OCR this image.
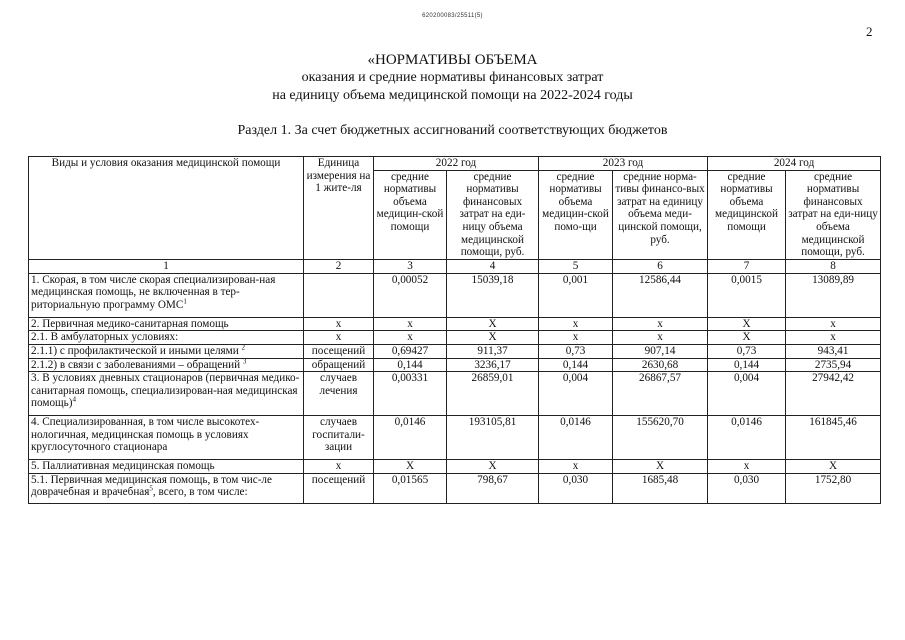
620200083/25511(5)
2
«НОРМАТИВЫ ОБЪЕМА
оказания и средние нормативы финансовых затрат
на единицу объема медицинской помощи на 2022-2024 годы
Раздел 1. За счет бюджетных ассигнований соответствующих бюджетов
Виды и условия оказания медицинской помощи	Единица измерения на 1 жите-ля	2022 год		2023 год		2024 год	
		средние нормативы объема медицин-ской помощи	средние нормативы финансовых затрат на еди-ницу объема медицинской помощи, руб.	средние нормативы объема медицин-ской помо-щи	средние норма-тивы финансо-вых затрат на единицу объема меди-цинской помощи, руб.	средние нормативы объема медицинской помощи	средние нормативы финансовых затрат на еди-ницу объема медицинской помощи, руб.
1	2	3	4	5	6	7	8
1. Скорая, в том числе скорая специализирован-ная медицинская помощь, не включенная в тер-риториальную программу ОМС$^1$		0,00052	15039,18	0,001	12586,44	0,0015	13089,89
2. Первичная медико-санитарная помощь	х	х	Х	х	х	Х	х
2.1. В амбулаторных условиях:	х	х	Х	х	х	Х	х
2.1.1) с профилактической и иными целями $^2$	посещений	0,69427	911,37	0,73	907,14	0,73	943,41
2.1.2) в связи с заболеваниями – обращений $^3$	обращений	0,144	3236,17	0,144	2630,68	0,144	2735,94
3. В условиях дневных стационаров (первичная медико-санитарная помощь, специализирован-ная медицинская помощь)$^4$	случаев лечения	0,00331	26859,01	0,004	26867,57	0,004	27942,42
4. Специализированная, в том числе высокотех-нологичная, медицинская помощь в условиях круглосуточного стационара	случаев госпитали-зации	0,0146	193105,81	0,0146	155620,70	0,0146	161845,46
5. Паллиативная медицинская помощь	х	Х	Х	х	Х	х	Х
5.1. Первичная медицинская помощь, в том чис-ле доврачебная и врачебная$^5$, всего, в том числе:	посещений	0,01565	798,67	0,030	1685,48	0,030	1752,80
